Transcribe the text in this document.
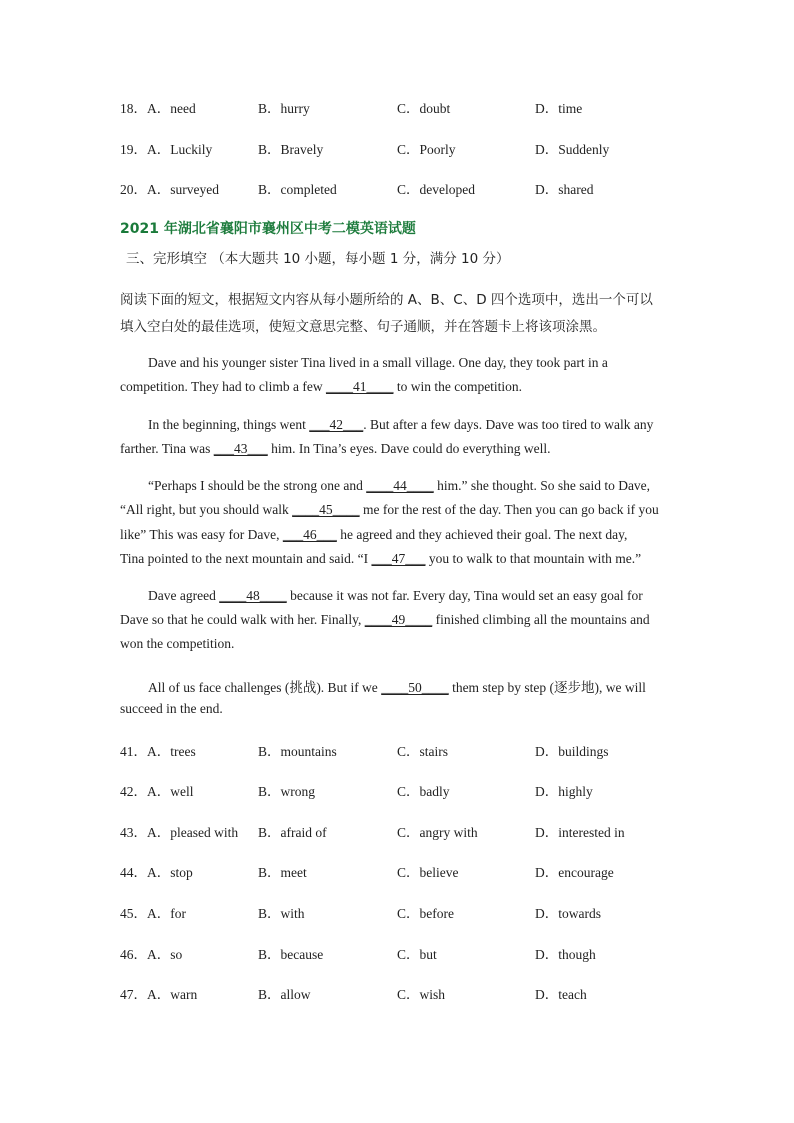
18．A．need	B．hurry	C．doubt	D．time
19．A．Luckily	B．Bravely	C．Poorly	D．Suddenly
20．A．surveyed	B．completed	C．developed	D．shared
2021 年湖北省襄阳市襄州区中考二模英语试题
三、完形填空 （本大题共 10 小题，每小题 1 分，满分 10 分）
阅读下面的短文，根据短文内容从每小题所给的 A、B、C、D 四个选项中，选出一个可以
填入空白处的最佳选项，使短文意思完整、句子通顺，并在答题卡上将该项涂黑。
Dave and his younger sister Tina lived in a small village. One day, they took part in a
competition. They had to climb a few ____41____ to win the competition.
In the beginning, things went ___42___. But after a few days. Dave was too tired to walk any
farther. Tina was ___43___ him. In Tina’s eyes. Dave could do everything well.
“Perhaps I should be the strong one and ____44____ him.” she thought. So she said to Dave,
“All right, but you should walk ____45____ me for the rest of the day. Then you can go back if you
like” This was easy for Dave, ___46___ he agreed and they achieved their goal. The next day,
Tina pointed to the next mountain and said. “I ___47___ you to walk to that mountain with me.”
Dave agreed ____48____ because it was not far. Every day, Tina would set an easy goal for
Dave so that he could walk with her. Finally, ____49____ finished climbing all the mountains and
won the competition.
All of us face challenges (挑战). But if we ____50____ them step by step (逐步地), we will
succeed in the end.
41．A．trees	B．mountains	C．stairs	D．buildings
42．A．well	B．wrong	C．badly	D．highly
43．A．pleased with B．afraid of	C．angry with	D．interested in
44．A．stop	B．meet	C．believe	D．encourage
45．A．for	B．with	C．before	D．towards
46．A．so	B．because	C．but	D．though
47．A．warn	B．allow	C．wish	D．teach
